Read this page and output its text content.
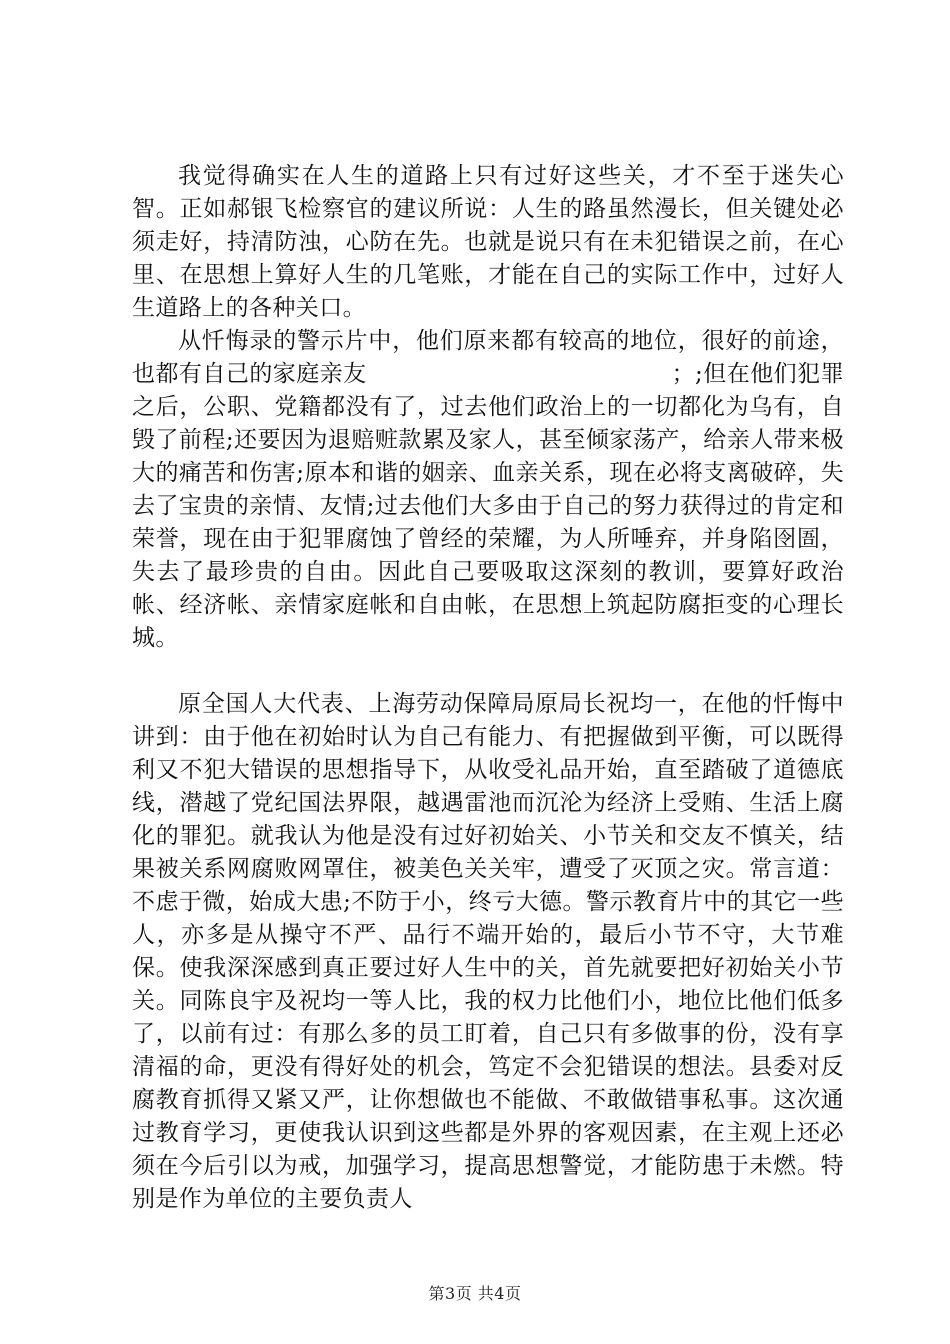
我觉得确实在人生的道路上只有过好这些关，才不至于迷失心智。正如郝银飞检察官的建议所说：人生的路虽然漫长，但关键处必须走好，持清防浊，心防在先。也就是说只有在未犯错误之前，在心里、在思想上算好人生的几笔账，才能在自己的实际工作中，过好人生道路上的各种关口。

从忏悔录的警示片中，他们原来都有较高的地位，很好的前途，也都有自己的家庭亲友　　　　　　　　　　　　　；;但在他们犯罪之后，公职、党籍都没有了，过去他们政治上的一切都化为乌有，自毁了前程;还要因为退赔赃款累及家人，甚至倾家荡产，给亲人带来极大的痛苦和伤害;原本和谐的姻亲、血亲关系，现在必将支离破碎，失去了宝贵的亲情、友情;过去他们大多由于自己的努力获得过的肯定和荣誉，现在由于犯罪腐蚀了曾经的荣耀，为人所唾弃，并身陷囹圄，失去了最珍贵的自由。因此自己要吸取这深刻的教训，要算好政治帐、经济帐、亲情家庭帐和自由帐，在思想上筑起防腐拒变的心理长城。

原全国人大代表、上海劳动保障局原局长祝均一，在他的忏悔中讲到：由于他在初始时认为自己有能力、有把握做到平衡，可以既得利又不犯大错误的思想指导下，从收受礼品开始，直至踏破了道德底线，潜越了党纪国法界限，越遇雷池而沉沦为经济上受贿、生活上腐化的罪犯。就我认为他是没有过好初始关、小节关和交友不慎关，结果被关系网腐败网罩住，被美色关关牢，遭受了灭顶之灾。常言道：不虑于微，始成大患;不防于小，终亏大德。警示教育片中的其它一些人，亦多是从操守不严、品行不端开始的，最后小节不守，大节难保。使我深深感到真正要过好人生中的关，首先就要把好初始关小节关。同陈良宇及祝均一等人比，我的权力比他们小，地位比他们低多了，以前有过：有那么多的员工盯着，自己只有多做事的份，没有享清福的命，更没有得好处的机会，笃定不会犯错误的想法。县委对反腐教育抓得又紧又严，让你想做也不能做、不敢做错事私事。这次通过教育学习，更使我认识到这些都是外界的客观因素，在主观上还必须在今后引以为戒，加强学习，提高思想警觉，才能防患于未燃。特别是作为单位的主要负责人

第3页 共4页
